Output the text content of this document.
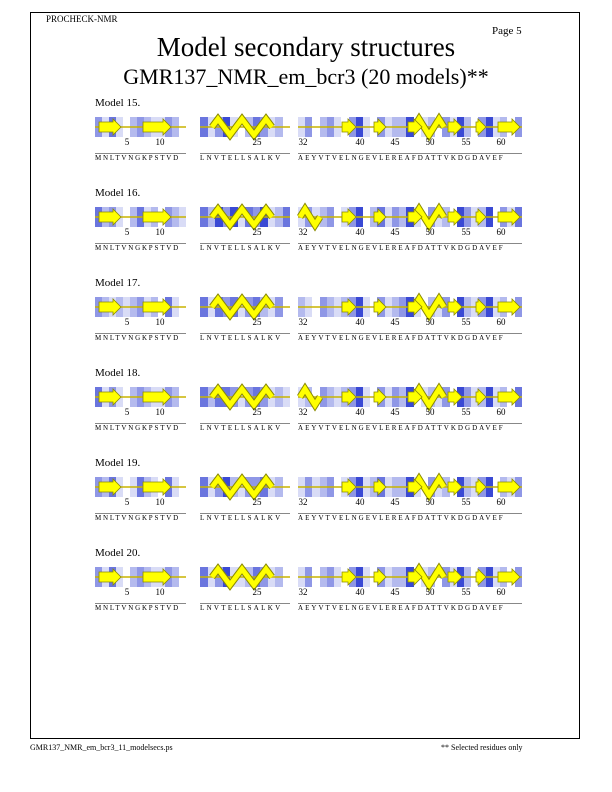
PROCHECK-NMR
Page 5
Model secondary structures
GMR137_NMR_em_bcr3 (20 models)**
Model 15.
5	10
MNLTVNGKPSTVD
25
LNVTELLSALKV
32	40	45	50	55	60
AEYVTVELNGEVLEREAFDATTVKDGDAVEF
Model 16.
5	10
MNLTVNGKPSTVD
25
LNVTELLSALKV
32	40	45	50	55	60
AEYVTVELNGEVLEREAFDATTVKDGDAVEF
Model 17.
5	10
MNLTVNGKPSTVD
25
LNVTELLSALKV
32	40	45	50	55	60
AEYVTVELNGEVLEREAFDATTVKDGDAVEF
Model 18.
5	10
MNLTVNGKPSTVD
25
LNVTELLSALKV
32	40	45	50	55	60
AEYVTVELNGEVLEREAFDATTVKDGDAVEF
Model 19.
5	10
MNLTVNGKPSTVD
25
LNVTELLSALKV
32	40	45	50	55	60
AEYVTVELNGEVLEREAFDATTVKDGDAVEF
Model 20.
5	10
MNLTVNGKPSTVD
25
LNVTELLSALKV
32	40	45	50	55	60
AEYVTVELNGEVLEREAFDATTVKDGDAVEF
GMR137_NMR_em_bcr3_11_modelsecs.ps	** Selected residues only
